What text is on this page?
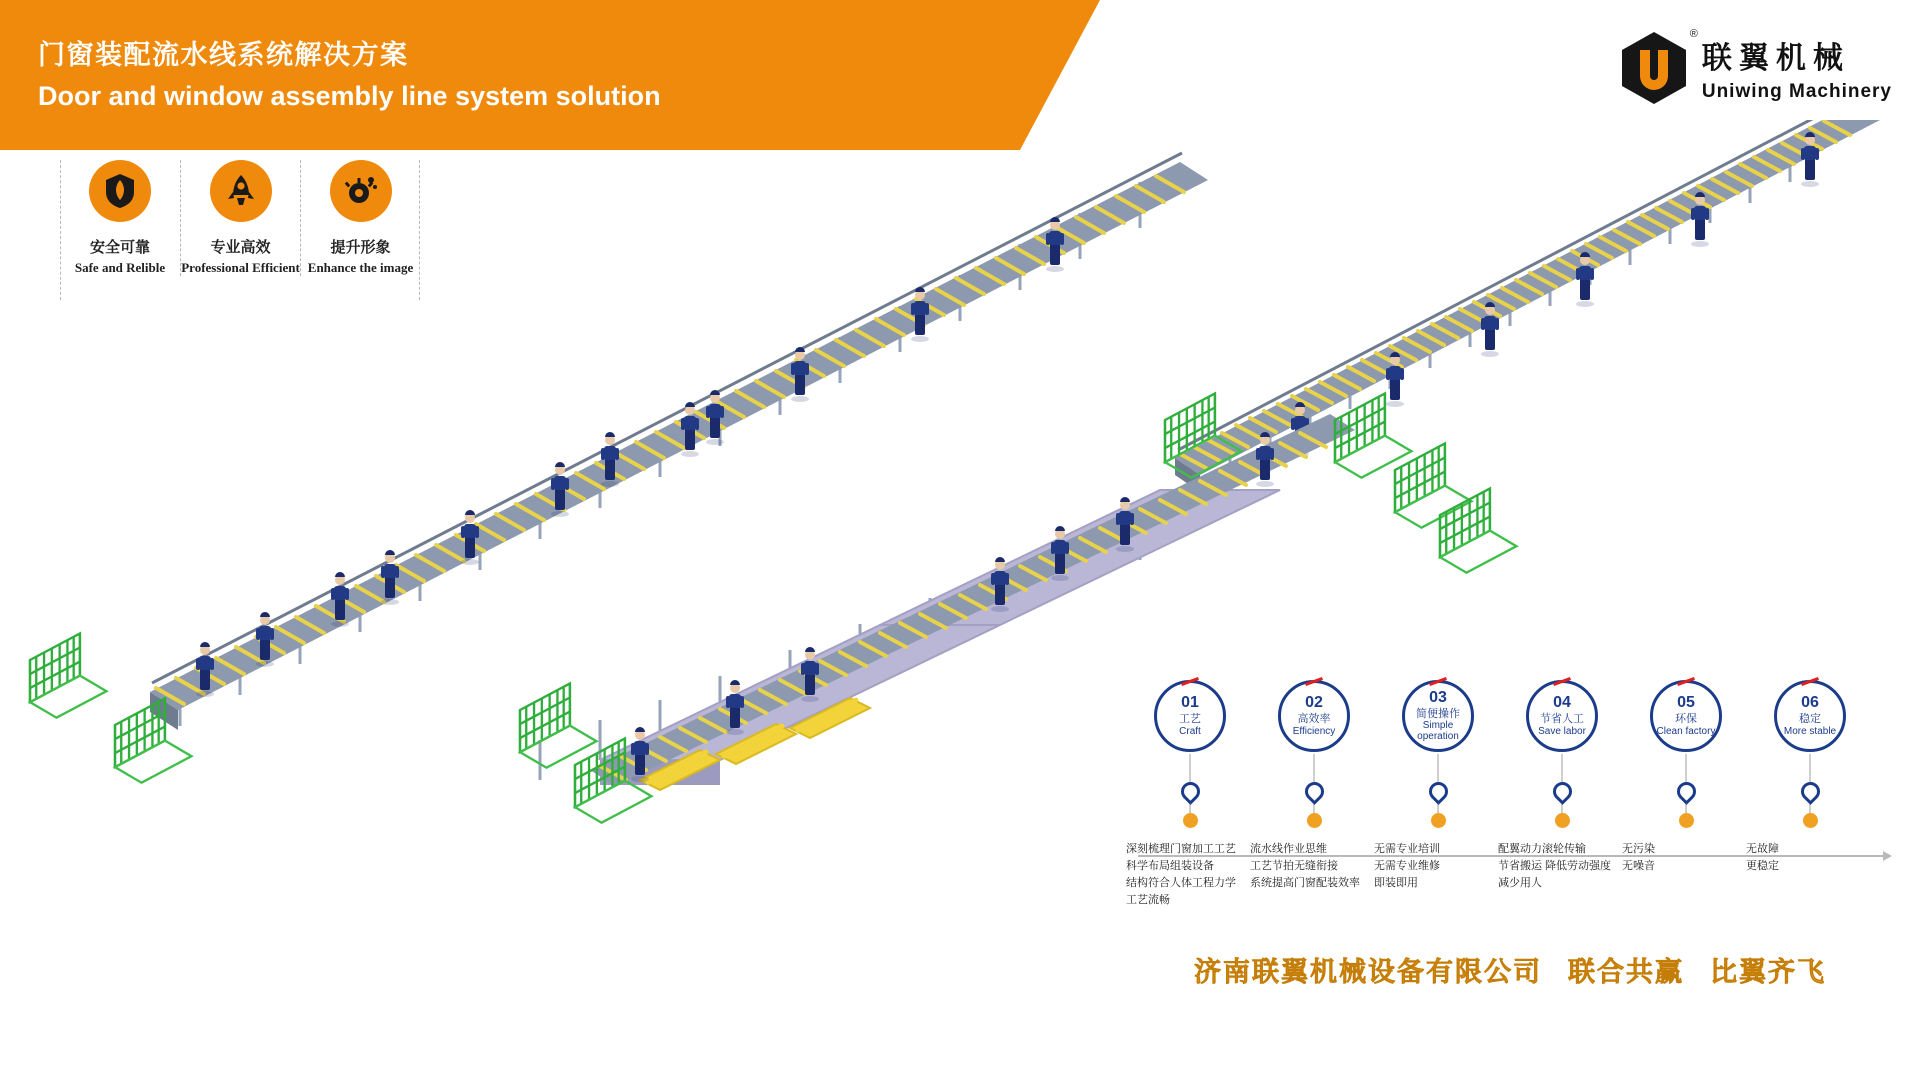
门窗装配流水线系统解决方案
Door and window assembly line system solution
®
联翼机械
Uniwing Machinery
安全可靠
Safe and Relible
专业高效
Professional Efficient
提升形象
Enhance the image
01
工艺
Craft
深刻梳理门窗加工工艺
科学布局组装设备
结构符合人体工程力学
工艺流畅
02
高效率
Efficiency
流水线作业思维
工艺节拍无缝衔接
系统提高门窗配装效率
03
简便操作
Simple operation
无需专业培训
无需专业维修
即装即用
04
节省人工
Save labor
配翼动力滚轮传输
节省搬运 降低劳动强度
减少用人
05
环保
Clean factory
无污染
无噪音
06
稳定
More stable
无故障
更稳定
济南联翼机械设备有限公司 联合共赢 比翼齐飞
